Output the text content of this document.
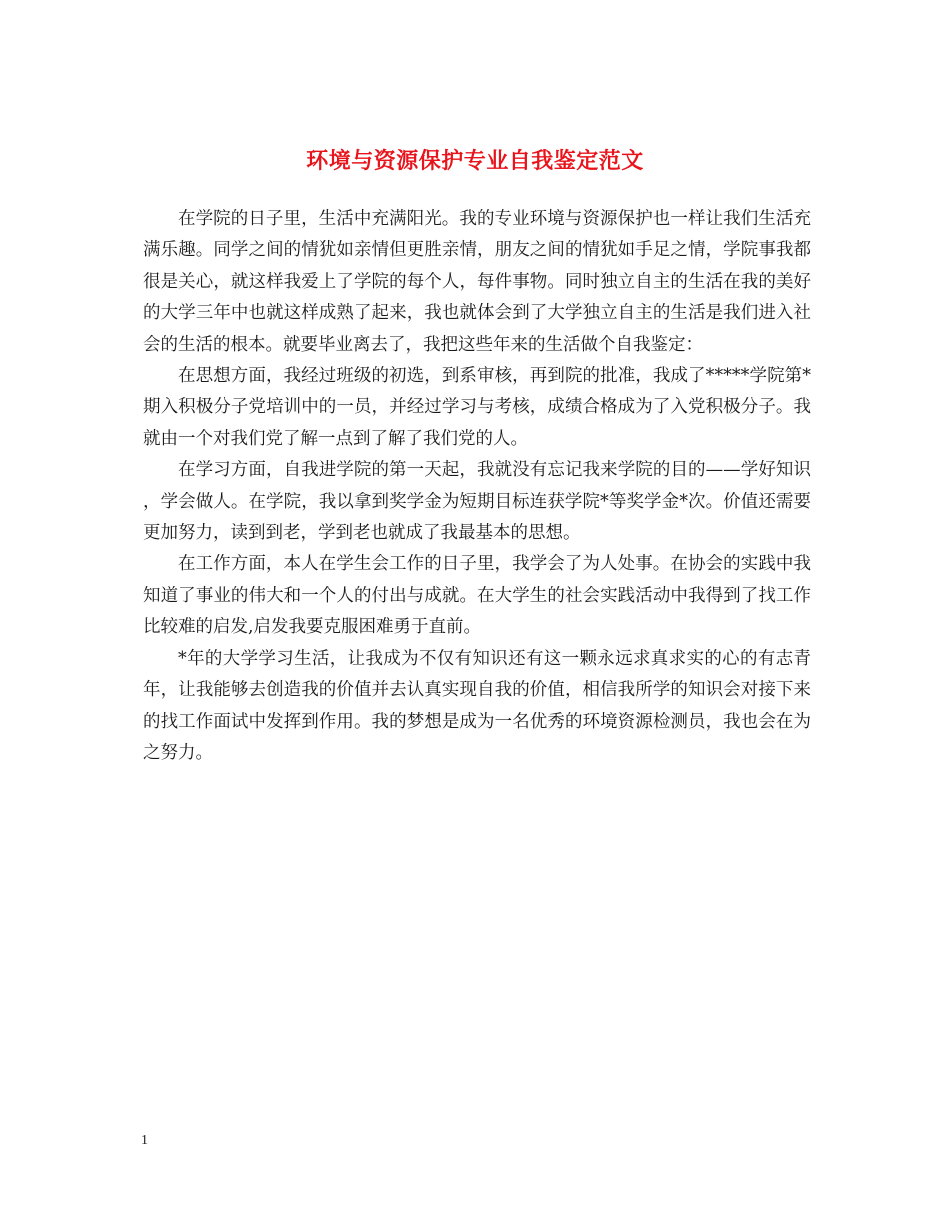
环境与资源保护专业自我鉴定范文

在学院的日子里，生活中充满阳光。我的专业环境与资源保护也一样让我们生活充满乐趣。同学之间的情犹如亲情但更胜亲情，朋友之间的情犹如手足之情，学院事我都很是关心，就这样我爱上了学院的每个人，每件事物。同时独立自主的生活在我的美好的大学三年中也就这样成熟了起来，我也就体会到了大学独立自主的生活是我们进入社会的生活的根本。就要毕业离去了，我把这些年来的生活做个自我鉴定：

在思想方面，我经过班级的初选，到系审核，再到院的批准，我成了*****学院第*期入积极分子党培训中的一员，并经过学习与考核，成绩合格成为了入党积极分子。我就由一个对我们党了解一点到了解了我们党的人。

在学习方面，自我进学院的第一天起，我就没有忘记我来学院的目的——学好知识，学会做人。在学院，我以拿到奖学金为短期目标连获学院*等奖学金*次。价值还需要更加努力，读到到老，学到老也就成了我最基本的思想。

在工作方面，本人在学生会工作的日子里，我学会了为人处事。在协会的实践中我知道了事业的伟大和一个人的付出与成就。在大学生的社会实践活动中我得到了找工作比较难的启发,启发我要克服困难勇于直前。

*年的大学学习生活，让我成为不仅有知识还有这一颗永远求真求实的心的有志青年，让我能够去创造我的价值并去认真实现自我的价值，相信我所学的知识会对接下来的找工作面试中发挥到作用。我的梦想是成为一名优秀的环境资源检测员，我也会在为之努力。

1
